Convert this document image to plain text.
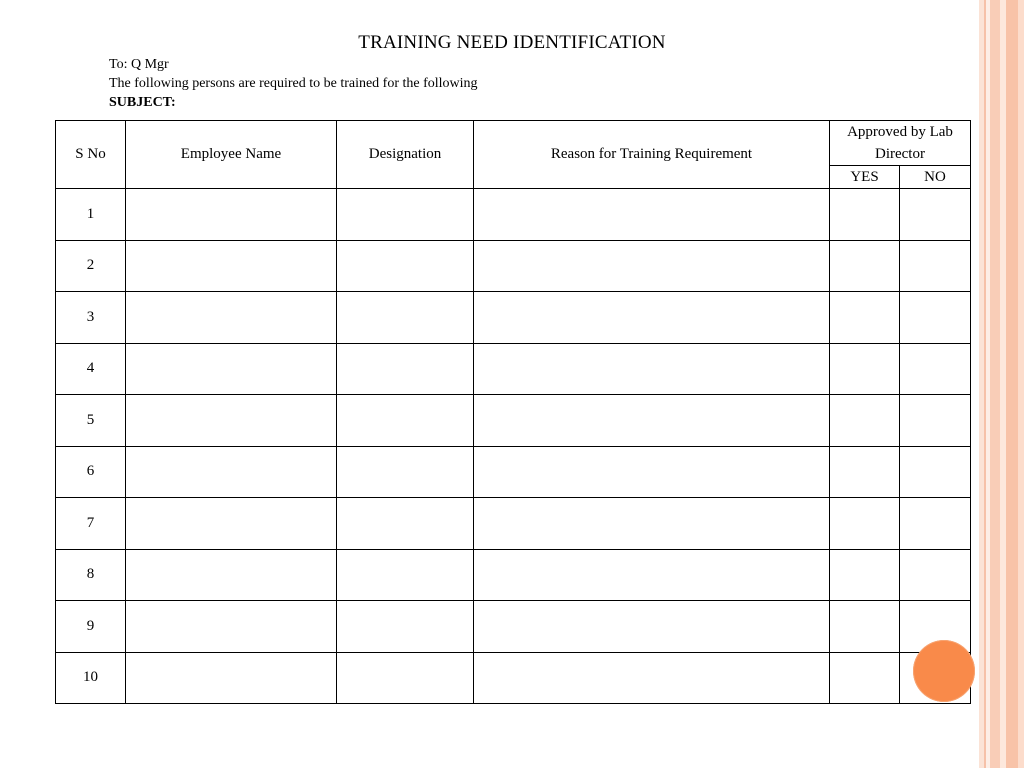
TRAINING NEED IDENTIFICATION
To: Q Mgr
The following persons are required to be trained for the following
SUBJECT:
S No	Employee Name	Designation	Reason for Training Requirement	Approved by Lab Director	
				YES	NO
1					
2					
3					
4					
5					
6					
7					
8					
9					
10					
